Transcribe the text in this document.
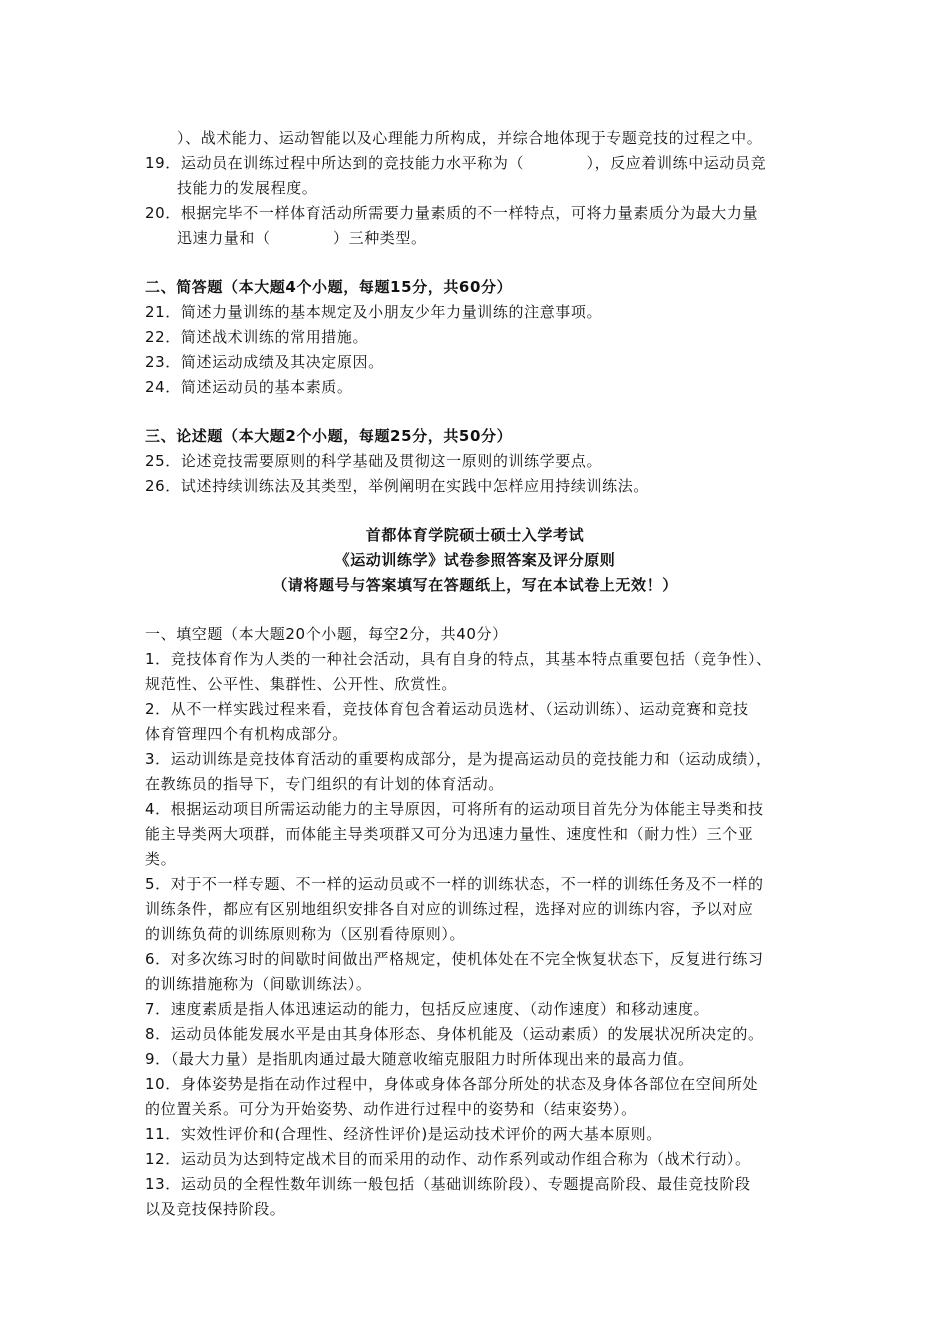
）、战术能力、运动智能以及心理能力所构成，并综合地体现于专题竞技的过程之中。
19．运动员在训练过程中所达到的竞技能力水平称为（　　　　），反应着训练中运动员竞
技能力的发展程度。
20．根据完毕不一样体育活动所需要力量素质的不一样特点，可将力量素质分为最大力量
迅速力量和（　　　　）三种类型。
二、简答题（本大题4个小题，每题15分，共60分）
21．简述力量训练的基本规定及小朋友少年力量训练的注意事项。
22．简述战术训练的常用措施。
23．简述运动成绩及其决定原因。
24．简述运动员的基本素质。
三、论述题（本大题2个小题，每题25分，共50分）
25．论述竞技需要原则的科学基础及贯彻这一原则的训练学要点。
26．试述持续训练法及其类型，举例阐明在实践中怎样应用持续训练法。
首都体育学院硕士硕士入学考试
《运动训练学》试卷参照答案及评分原则
（请将题号与答案填写在答题纸上，写在本试卷上无效！）
一、填空题（本大题20个小题，每空2分，共40分）
1．竞技体育作为人类的一种社会活动，具有自身的特点，其基本特点重要包括（竞争性）、
规范性、公平性、集群性、公开性、欣赏性。
2．从不一样实践过程来看，竞技体育包含着运动员选材、（运动训练）、运动竞赛和竞技
体育管理四个有机构成部分。
3．运动训练是竞技体育活动的重要构成部分，是为提高运动员的竞技能力和（运动成绩），
在教练员的指导下，专门组织的有计划的体育活动。
4．根据运动项目所需运动能力的主导原因，可将所有的运动项目首先分为体能主导类和技
能主导类两大项群，而体能主导类项群又可分为迅速力量性、速度性和（耐力性）三个亚
类。
5．对于不一样专题、不一样的运动员或不一样的训练状态，不一样的训练任务及不一样的
训练条件，都应有区别地组织安排各自对应的训练过程，选择对应的训练内容，予以对应
的训练负荷的训练原则称为（区别看待原则）。
6．对多次练习时的间歇时间做出严格规定，使机体处在不完全恢复状态下，反复进行练习
的训练措施称为（间歇训练法）。
7．速度素质是指人体迅速运动的能力，包括反应速度、（动作速度）和移动速度。
8．运动员体能发展水平是由其身体形态、身体机能及（运动素质）的发展状况所决定的。
9．（最大力量）是指肌肉通过最大随意收缩克服阻力时所体现出来的最高力值。
10．身体姿势是指在动作过程中，身体或身体各部分所处的状态及身体各部位在空间所处
的位置关系。可分为开始姿势、动作进行过程中的姿势和（结束姿势）。
11．实效性评价和(合理性、经济性评价)是运动技术评价的两大基本原则。
12．运动员为达到特定战术目的而采用的动作、动作系列或动作组合称为（战术行动）。
13．运动员的全程性数年训练一般包括（基础训练阶段）、专题提高阶段、最佳竞技阶段
以及竞技保持阶段。
